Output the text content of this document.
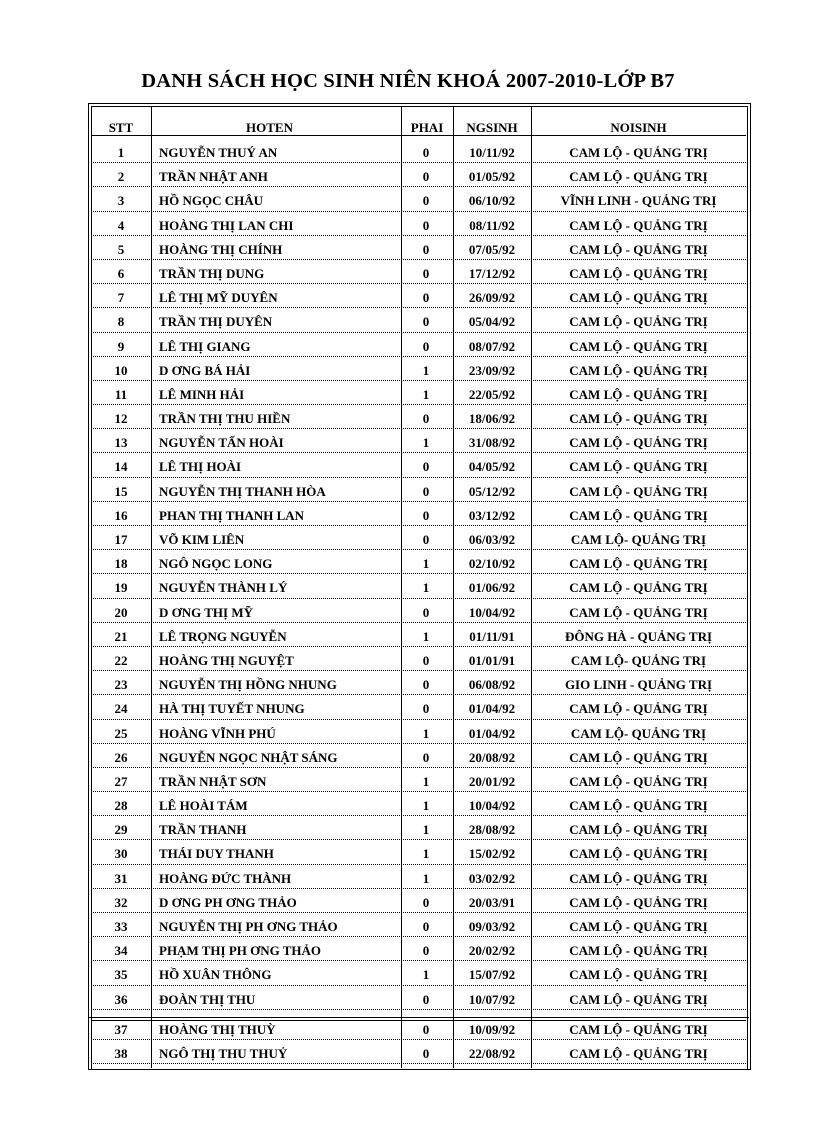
DANH SÁCH HỌC SINH NIÊN KHOÁ 2007-2010-LỚP B7
STT	HOTEN	PHAI	NGSINH	NOISINH
1	NGUYỄN THUÝ AN	0	10/11/92	CAM LỘ - QUẢNG TRỊ
2	TRẦN NHẬT ANH	0	01/05/92	CAM LỘ - QUẢNG TRỊ
3	HỒ NGỌC CHÂU	0	06/10/92	VĨNH LINH - QUẢNG TRỊ
4	HOÀNG THỊ LAN CHI	0	08/11/92	CAM LỘ - QUẢNG TRỊ
5	HOÀNG THỊ CHÍNH	0	07/05/92	CAM LỘ - QUẢNG TRỊ
6	TRẦN THỊ DUNG	0	17/12/92	CAM LỘ - QUẢNG TRỊ
7	LÊ THỊ MỸ DUYÊN	0	26/09/92	CAM LỘ - QUẢNG TRỊ
8	TRẦN THỊ DUYÊN	0	05/04/92	CAM LỘ - QUẢNG TRỊ
9	LÊ THỊ GIANG	0	08/07/92	CAM LỘ - QUẢNG TRỊ
10	D ƠNG BÁ HẢI	1	23/09/92	CAM LỘ - QUẢNG TRỊ
11	LÊ MINH HẢI	1	22/05/92	CAM LỘ - QUẢNG TRỊ
12	TRẦN THỊ THU HIỀN	0	18/06/92	CAM LỘ - QUẢNG TRỊ
13	NGUYỄN TẤN HOÀI	1	31/08/92	CAM LỘ - QUẢNG TRỊ
14	LÊ THỊ HOÀI	0	04/05/92	CAM LỘ - QUẢNG TRỊ
15	NGUYỄN THỊ THANH HÒA	0	05/12/92	CAM LỘ - QUẢNG TRỊ
16	PHAN THỊ THANH LAN	0	03/12/92	CAM LỘ - QUẢNG TRỊ
17	VÕ KIM LIÊN	0	06/03/92	CAM LỘ- QUẢNG TRỊ
18	NGÔ NGỌC LONG	1	02/10/92	CAM LỘ - QUẢNG TRỊ
19	NGUYỄN THÀNH LÝ	1	01/06/92	CAM LỘ - QUẢNG TRỊ
20	D ƠNG THỊ MỸ	0	10/04/92	CAM LỘ - QUẢNG TRỊ
21	LÊ TRỌNG NGUYỄN	1	01/11/91	ĐÔNG HÀ - QUẢNG TRỊ
22	HOÀNG THỊ NGUYỆT	0	01/01/91	CAM LỘ- QUẢNG TRỊ
23	NGUYỄN THỊ HỒNG NHUNG	0	06/08/92	GIO LINH - QUẢNG TRỊ
24	HÀ THỊ TUYẾT NHUNG	0	01/04/92	CAM LỘ - QUẢNG TRỊ
25	HOÀNG VĨNH PHÚ	1	01/04/92	CAM LỘ- QUẢNG TRỊ
26	NGUYỄN NGỌC NHẬT SÁNG	0	20/08/92	CAM LỘ - QUẢNG TRỊ
27	TRẦN NHẬT SƠN	1	20/01/92	CAM LỘ - QUẢNG TRỊ
28	LÊ HOÀI TÁM	1	10/04/92	CAM LỘ - QUẢNG TRỊ
29	TRẦN THANH	1	28/08/92	CAM LỘ - QUẢNG TRỊ
30	THÁI DUY THANH	1	15/02/92	CAM LỘ - QUẢNG TRỊ
31	HOÀNG ĐỨC THÀNH	1	03/02/92	CAM LỘ - QUẢNG TRỊ
32	D ƠNG PH ƠNG THẢO	0	20/03/91	CAM LỘ - QUẢNG TRỊ
33	NGUYỄN THỊ PH ƠNG THẢO	0	09/03/92	CAM LỘ - QUẢNG TRỊ
34	PHẠM THỊ PH ƠNG THẢO	0	20/02/92	CAM LỘ - QUẢNG TRỊ
35	HỒ XUÂN THÔNG	1	15/07/92	CAM LỘ - QUẢNG TRỊ
36	ĐOÀN THỊ THU	0	10/07/92	CAM LỘ - QUẢNG TRỊ
37	HOÀNG THỊ THUỲ	0	10/09/92	CAM LỘ - QUẢNG TRỊ
38	NGÔ THỊ THU THUỶ	0	22/08/92	CAM LỘ - QUẢNG TRỊ
